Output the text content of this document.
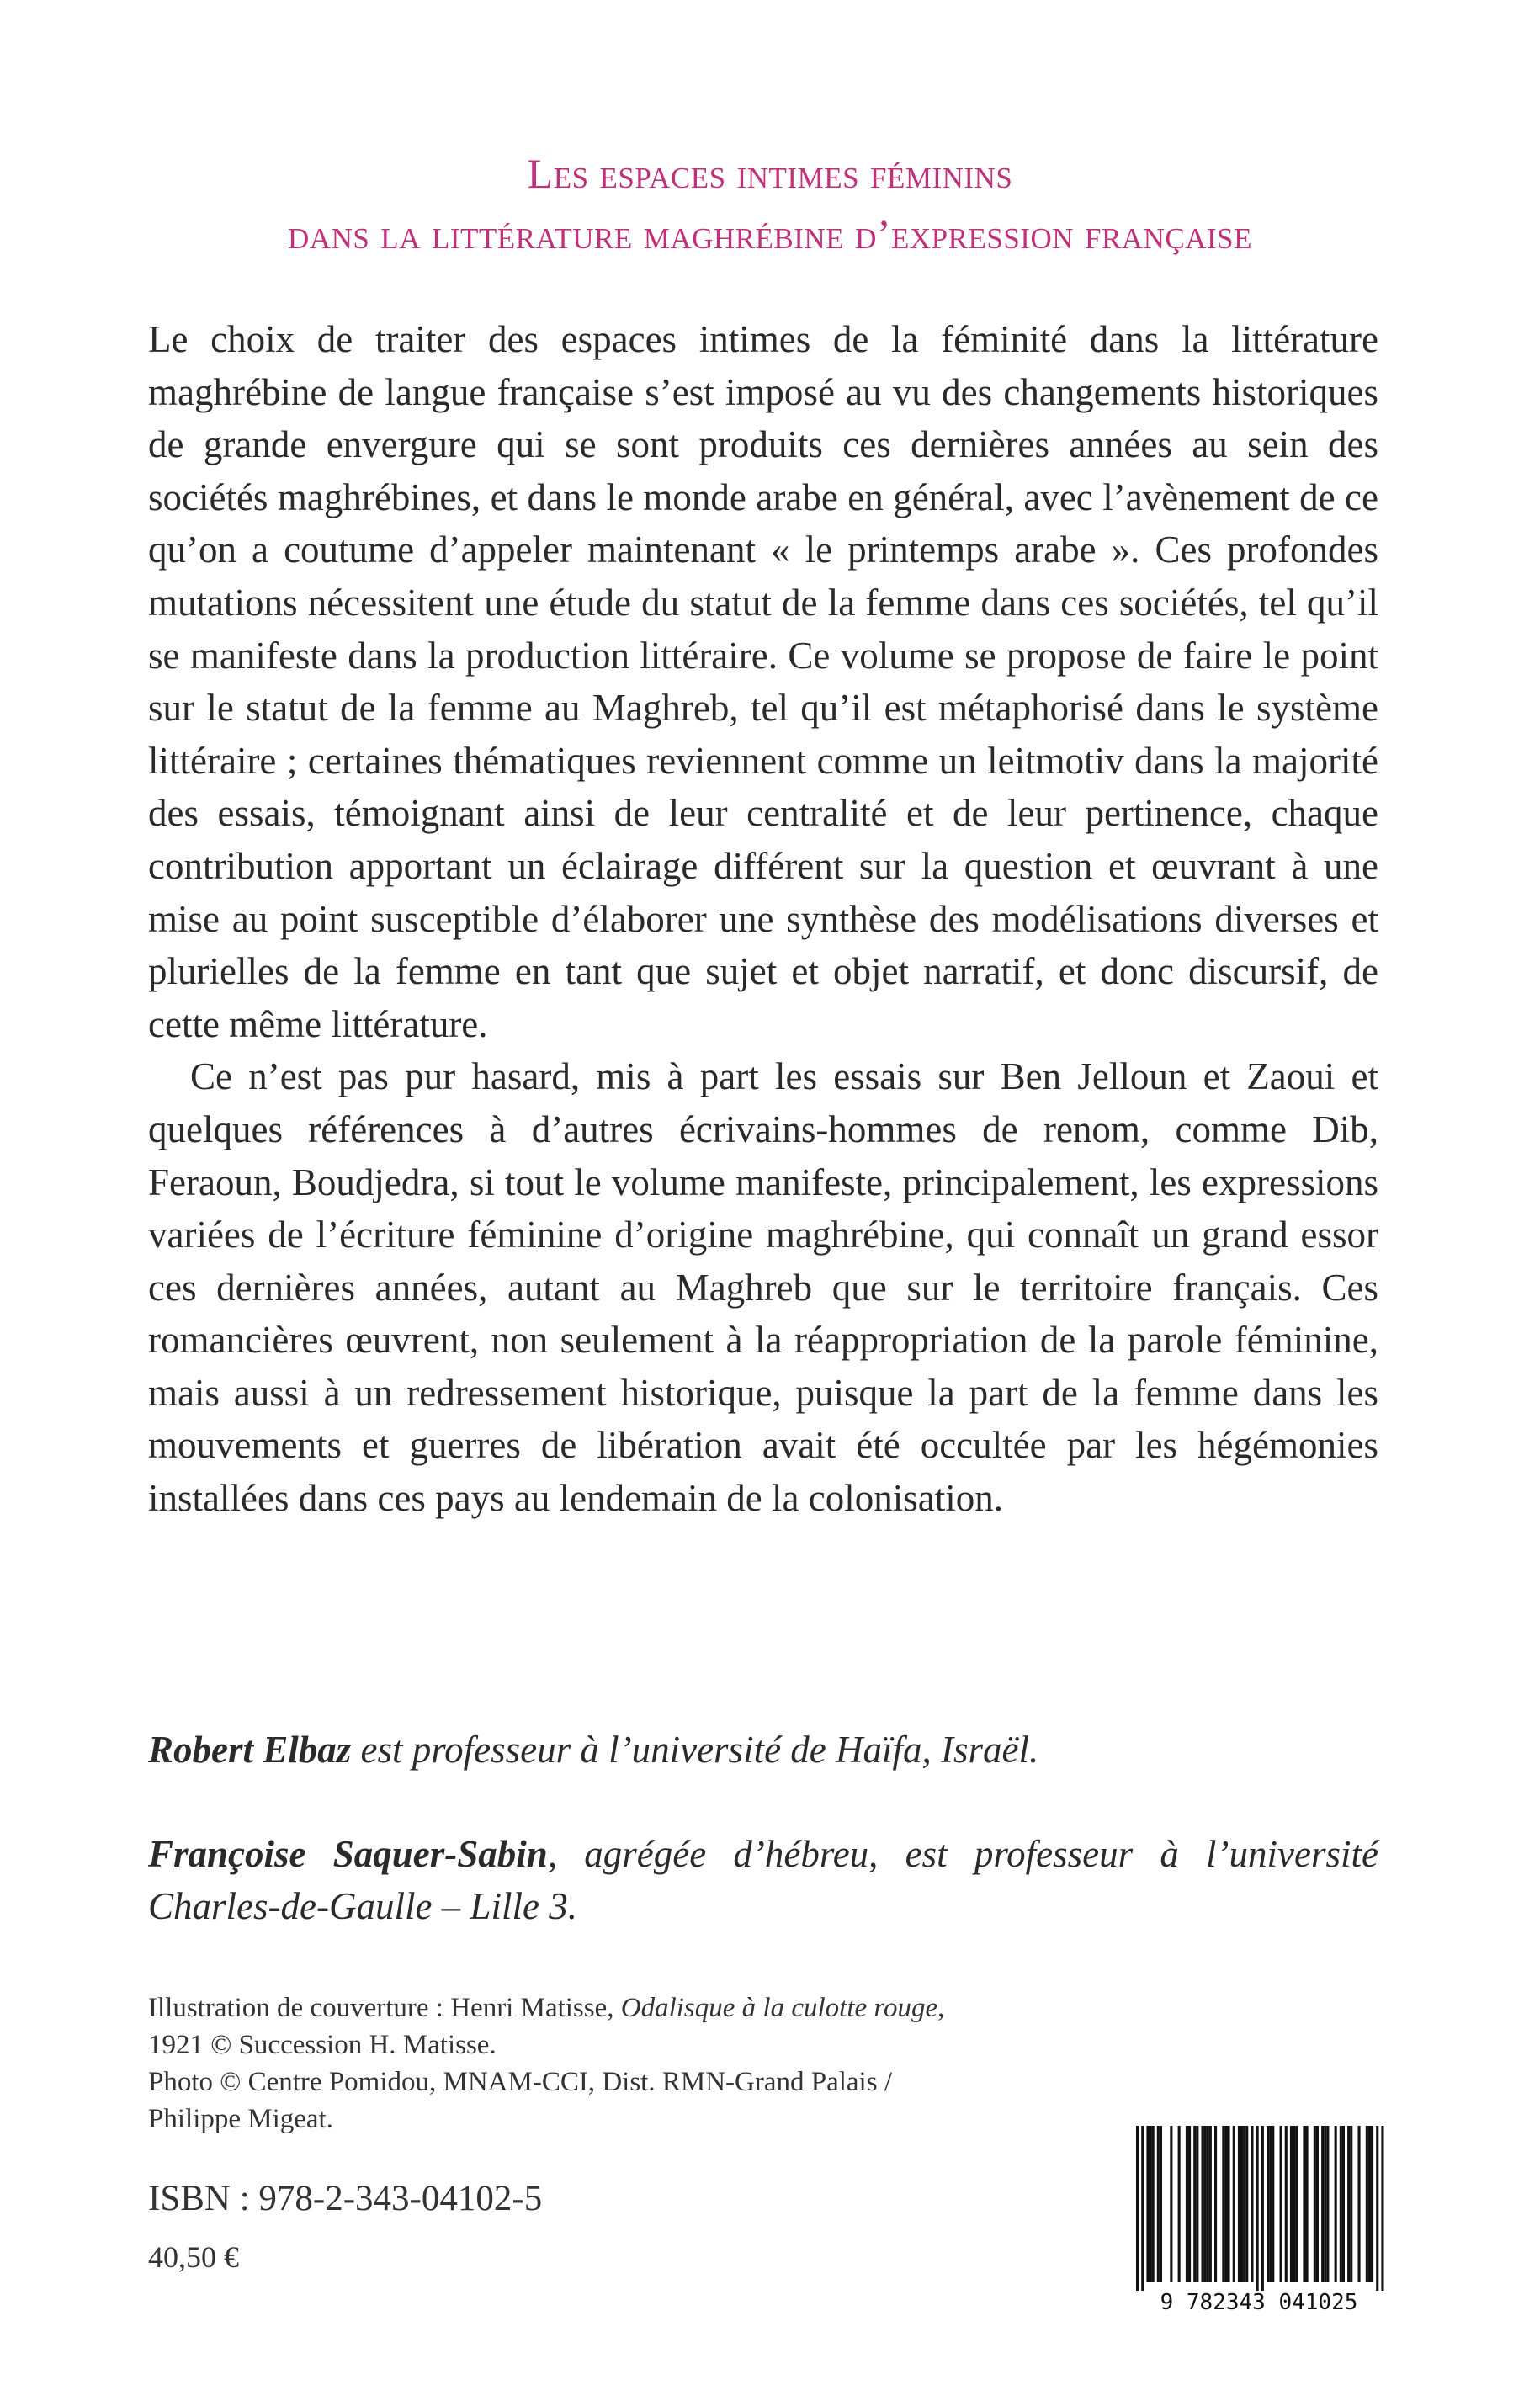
Les espaces intimes féminins
dans la littérature maghrébine d’expression française

Le choix de traiter des espaces intimes de la féminité dans la littérature maghrébine de langue française s’est imposé au vu des changements historiques de grande envergure qui se sont produits ces dernières années au sein des sociétés maghrébines, et dans le monde arabe en général, avec l’avènement de ce qu’on a coutume d’appeler maintenant « le printemps arabe ». Ces profondes mutations nécessitent une étude du statut de la femme dans ces sociétés, tel qu’il se manifeste dans la production littéraire. Ce volume se propose de faire le point sur le statut de la femme au Maghreb, tel qu’il est métaphorisé dans le système littéraire ; certaines thématiques reviennent comme un leitmotiv dans la majorité des essais, témoignant ainsi de leur centralité et de leur pertinence, chaque contribution apportant un éclairage différent sur la question et œuvrant à une mise au point susceptible d’élaborer une synthèse des modélisations diverses et plurielles de la femme en tant que sujet et objet narratif, et donc discursif, de cette même littérature.

Ce n’est pas pur hasard, mis à part les essais sur Ben Jelloun et Zaoui et quelques références à d’autres écrivains-hommes de renom, comme Dib, Feraoun, Boudjedra, si tout le volume manifeste, principalement, les expressions variées de l’écriture féminine d’origine maghrébine, qui connaît un grand essor ces dernières années, autant au Maghreb que sur le territoire français. Ces romancières œuvrent, non seulement à la réappropriation de la parole féminine, mais aussi à un redressement historique, puisque la part de la femme dans les mouvements et guerres de libération avait été occultée par les hégémonies installées dans ces pays au lendemain de la colonisation.

Robert Elbaz est professeur à l’université de Haïfa, Israël.
Françoise Saquer-Sabin, agrégée d’hébreu, est professeur à l’université Charles-de-Gaulle – Lille 3.
Illustration de couverture : Henri Matisse, Odalisque à la culotte rouge,
1921 © Succession H. Matisse.
Photo © Centre Pomidou, MNAM-CCI, Dist. RMN-Grand Palais /
Philippe Migeat.
ISBN : 978-2-343-04102-5
40,50 €
9 782343 041025
